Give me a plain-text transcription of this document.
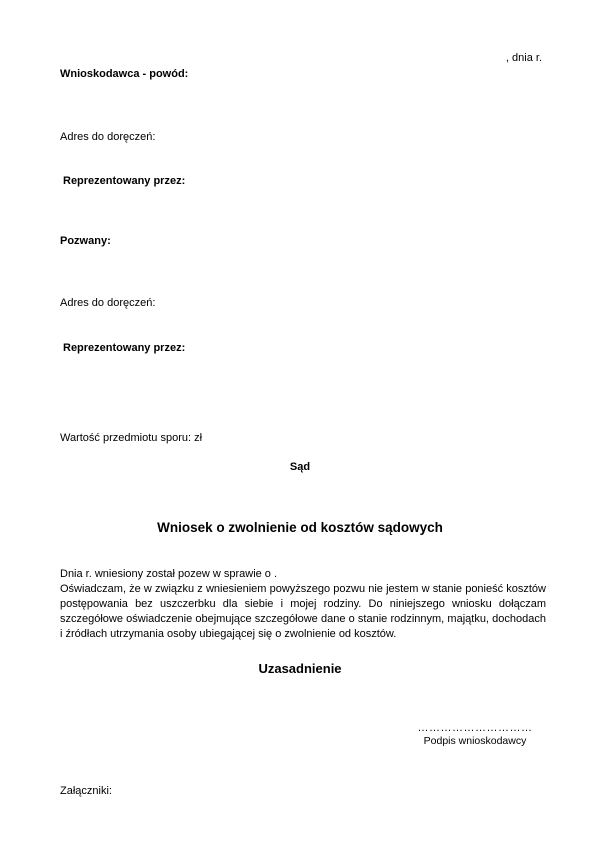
, dnia r.
Wnioskodawca - powód:
Adres do doręczeń:
Reprezentowany przez:
Pozwany:
Adres do doręczeń:
Reprezentowany przez:
Wartość przedmiotu sporu: zł
Sąd
Wniosek o zwolnienie od kosztów sądowych

Dnia r. wniesiony został pozew w sprawie o .

Oświadczam, że w związku z wniesieniem powyższego pozwu nie jestem w stanie ponieść kosztów postępowania bez uszczerbku dla siebie i mojej rodziny. Do niniejszego wniosku dołączam szczegółowe oświadczenie obejmujące szczegółowe dane o stanie rodzinnym, majątku, dochodach i źródłach utrzymania osoby ubiegającej się o zwolnienie od kosztów.

Uzasadnienie
…………………………
Podpis wnioskodawcy
Załączniki:
